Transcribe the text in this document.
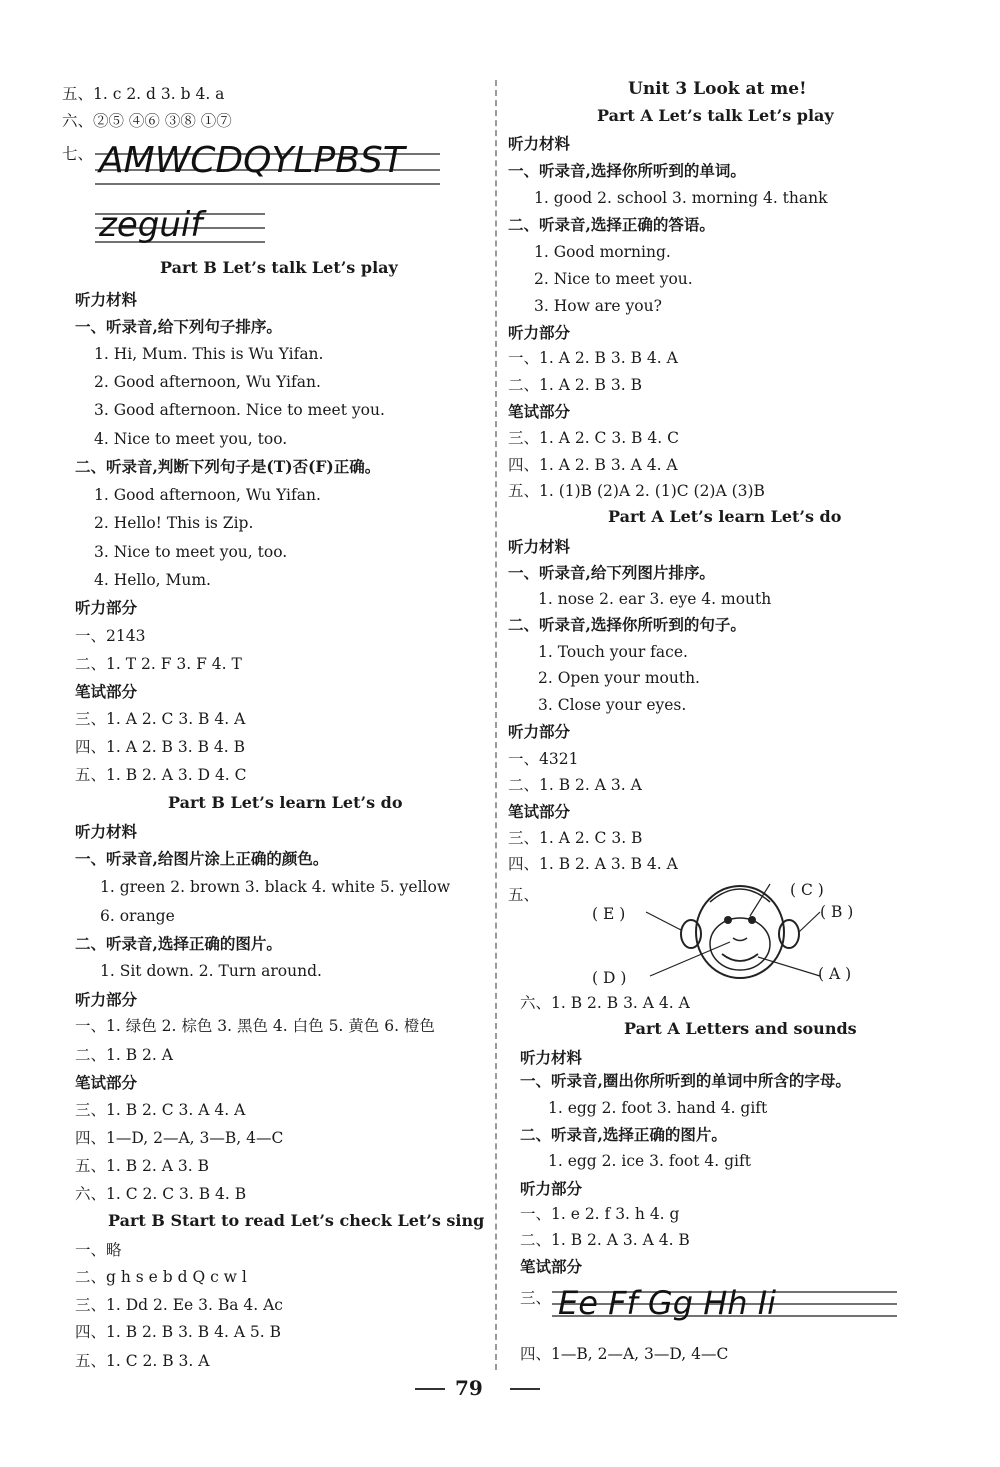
五、1. c 2. d 3. b 4. a
六、②⑤ ④⑥ ③⑧ ①⑦
七、 AMWCDQYLPBST
zeguif
Part B Let’s talk Let’s play
听力材料
一、听录音,给下列句子排序。
1. Hi, Mum. This is Wu Yifan.
2. Good afternoon, Wu Yifan.
3. Good afternoon. Nice to meet you.
4. Nice to meet you, too.
二、听录音,判断下列句子是(T)否(F)正确。
1. Good afternoon, Wu Yifan.
2. Hello! This is Zip.
3. Nice to meet you, too.
4. Hello, Mum.
听力部分
一、2143
二、1. T 2. F 3. F 4. T
笔试部分
三、1. A 2. C 3. B 4. A
四、1. A 2. B 3. B 4. B
五、1. B 2. A 3. D 4. C
Part B Let’s learn Let’s do
听力材料
一、听录音,给图片涂上正确的颜色。
1. green 2. brown 3. black 4. white 5. yellow
6. orange
二、听录音,选择正确的图片。
1. Sit down. 2. Turn around.
听力部分
一、1. 绿色 2. 棕色 3. 黑色 4. 白色 5. 黄色 6. 橙色
二、1. B 2. A
笔试部分
三、1. B 2. C 3. A 4. A
四、1—D, 2—A, 3—B, 4—C
五、1. B 2. A 3. B
六、1. C 2. C 3. B 4. B
Part B Start to read Let’s check Let’s sing
一、略
二、g h s e b d Q c w l
三、1. Dd 2. Ee 3. Ba 4. Ac
四、1. B 2. B 3. B 4. A 5. B
五、1. C 2. B 3. A
Unit 3 Look at me!
Part A Let’s talk Let’s play
听力材料
一、听录音,选择你所听到的单词。
1. good 2. school 3. morning 4. thank
二、听录音,选择正确的答语。
1. Good morning.
2. Nice to meet you.
3. How are you?
听力部分
一、1. A 2. B 3. B 4. A
二、1. A 2. B 3. B
笔试部分
三、1. A 2. C 3. B 4. C
四、1. A 2. B 3. A 4. A
五、1. (1)B (2)A 2. (1)C (2)A (3)B
Part A Let’s learn Let’s do
听力材料
一、听录音,给下列图片排序。
1. nose 2. ear 3. eye 4. mouth
二、听录音,选择你所听到的句子。
1. Touch your face.
2. Open your mouth.
3. Close your eyes.
听力部分
一、4321
二、1. B 2. A 3. A
笔试部分
三、1. A 2. C 3. B
四、1. B 2. A 3. B 4. A
五、	( C )
( B )
( E )
( D )	( A )
六、1. B 2. B 3. A 4. A
Part A Letters and sounds
听力材料
一、听录音,圈出你所听到的单词中所含的字母。
1. egg 2. foot 3. hand 4. gift
二、听录音,选择正确的图片。
1. egg 2. ice 3. foot 4. gift
听力部分
一、1. e 2. f 3. h 4. g
二、1. B 2. A 3. A 4. B
笔试部分
三、 Ee Ff Gg Hh Ii
四、1—B, 2—A, 3—D, 4—C
79
